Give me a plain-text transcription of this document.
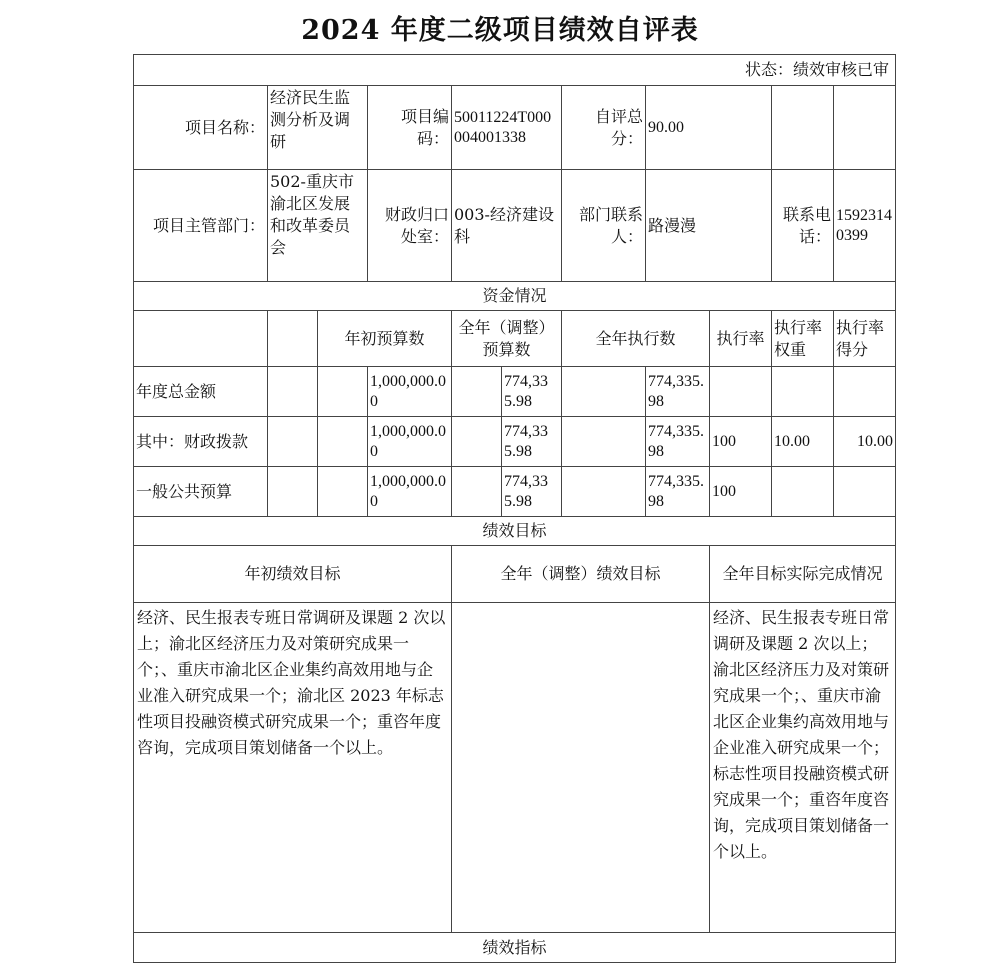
2024 年度二级项目绩效自评表
状态：绩效审核已审										
项目名称：	经济民生监测分析及调研		项目编码：	50011224T000004001338		自评总分：	90.00			
项目主管部门：	502-重庆市渝北区发展和改革委员会		财政归口处室：	003-经济建设科		部门联系人：	路漫漫		联系电话：	15923140399
资金情况										
		年初预算数		全年（调整）预算数		全年执行数		执行率	执行率权重	执行率得分
年度总金额			1,000,000.00		774,335.98		774,335.98			
其中：财政拨款			1,000,000.00		774,335.98		774,335.98	100	10.00	10.00
一般公共预算			1,000,000.00		774,335.98		774,335.98	100		
绩效目标										
年初绩效目标				全年（调整）绩效目标				全年目标实际完成情况		
经济、民生报表专班日常调研及课题 2 次以上；渝北区经济压力及对策研究成果一个；、重庆市渝北区企业集约高效用地与企业准入研究成果一个；渝北区 2023 年标志性项目投融资模式研究成果一个；重咨年度咨询，完成项目策划储备一个以上。								经济、民生报表专班日常调研及课题 2 次以上；渝北区经济压力及对策研究成果一个；、重庆市渝北区企业集约高效用地与企业准入研究成果一个；标志性项目投融资模式研究成果一个；重咨年度咨询，完成项目策划储备一个以上。		
绩效指标										
